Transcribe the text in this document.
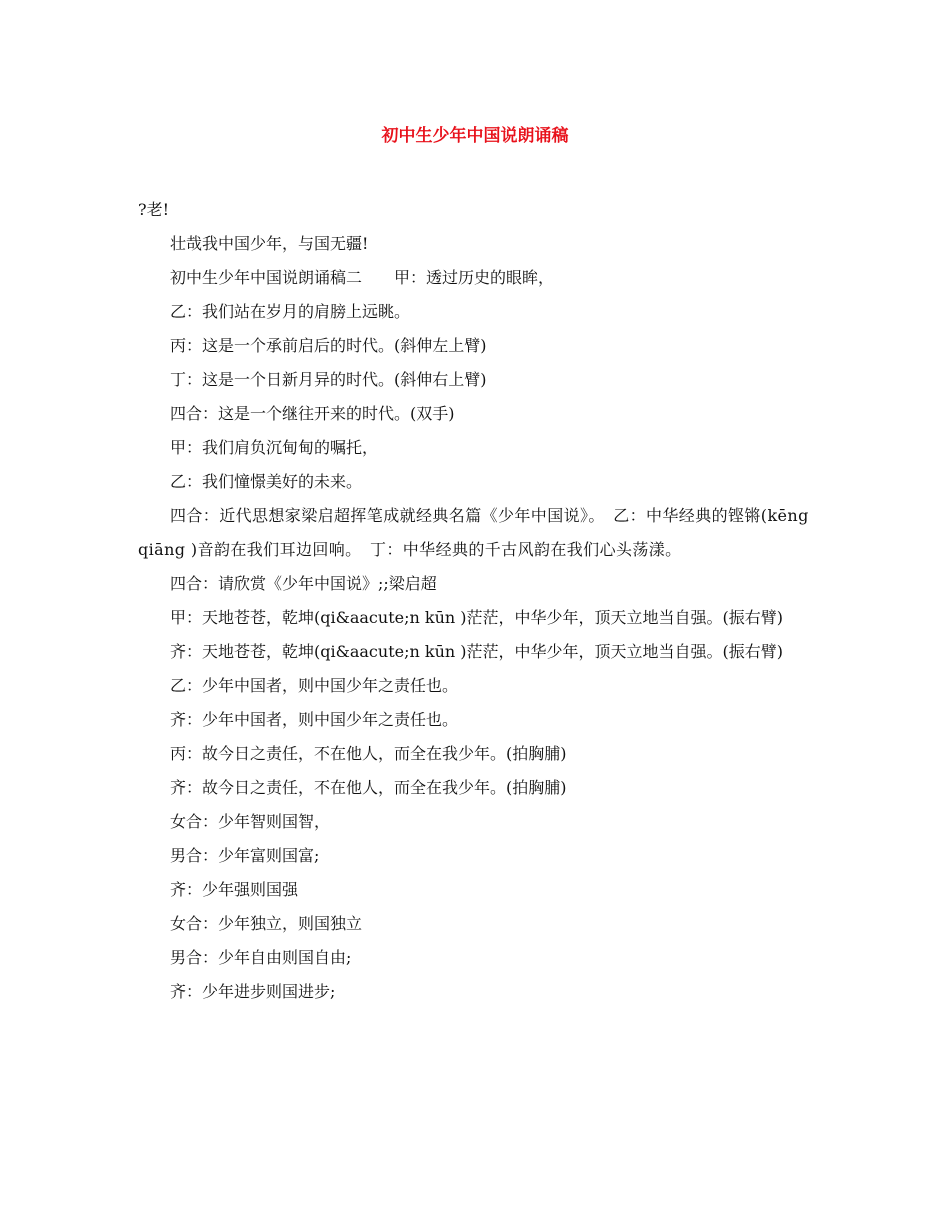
初中生少年中国说朗诵稿

?老!

壮哉我中国少年，与国无疆!

初中生少年中国说朗诵稿二　　甲：透过历史的眼眸，

乙：我们站在岁月的肩膀上远眺。

丙：这是一个承前启后的时代。(斜伸左上臂)

丁：这是一个日新月异的时代。(斜伸右上臂)

四合：这是一个继往开来的时代。(双手)

甲：我们肩负沉甸甸的嘱托，

乙：我们憧憬美好的未来。

四合：近代思想家梁启超挥笔成就经典名篇《少年中国说》。　乙：中华经典的铿锵(kēng qiāng )音韵在我们耳边回响。　丁：中华经典的千古风韵在我们心头荡漾。

四合：请欣赏《少年中国说》;;梁启超

甲：天地苍苍，乾坤(qi&aacute;n kūn )茫茫，中华少年，顶天立地当自强。(振右臂)

齐：天地苍苍，乾坤(qi&aacute;n kūn )茫茫，中华少年，顶天立地当自强。(振右臂)

乙：少年中国者，则中国少年之责任也。

齐：少年中国者，则中国少年之责任也。

丙：故今日之责任，不在他人，而全在我少年。(拍胸脯)

齐：故今日之责任，不在他人，而全在我少年。(拍胸脯)

女合：少年智则国智，

男合：少年富则国富;

齐：少年强则国强

女合：少年独立，则国独立

男合：少年自由则国自由;

齐：少年进步则国进步;
